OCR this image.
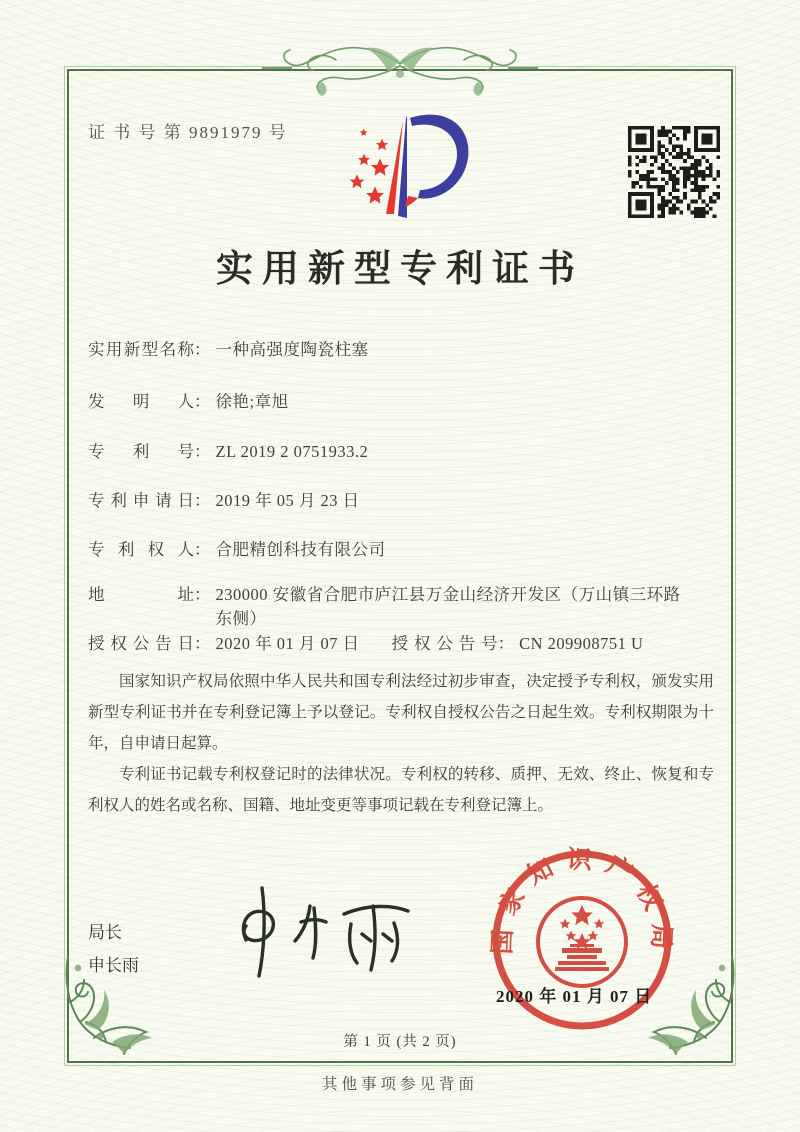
证 书 号 第 9891979 号
实用新型专利证书
实用新型名称 ： 一种高强度陶瓷柱塞
发明人 ： 徐艳;章旭
专利号 ： ZL 2019 2 0751933.2
专利申请日 ： 2019 年 05 月 23 日
专利权人 ： 合肥精创科技有限公司
地址 ： 230000 安徽省合肥市庐江县万金山经济开发区（万山镇三环路东侧）
授权公告日 ： 2020 年 01 月 07 日 授权公告号 ： CN 209908751 U

国家知识产权局依照中华人民共和国专利法经过初步审查，决定授予专利权，颁发实用新型专利证书并在专利登记簿上予以登记。专利权自授权公告之日起生效。专利权期限为十年，自申请日起算。

专利证书记载专利权登记时的法律状况。专利权的转移、质押、无效、终止、恢复和专利权人的姓名或名称、国籍、地址变更等事项记载在专利登记簿上。

局长
申长雨
国家知识产权局
2020 年 01 月 07 日
第 1 页 (共 2 页)
其他事项参见背面
